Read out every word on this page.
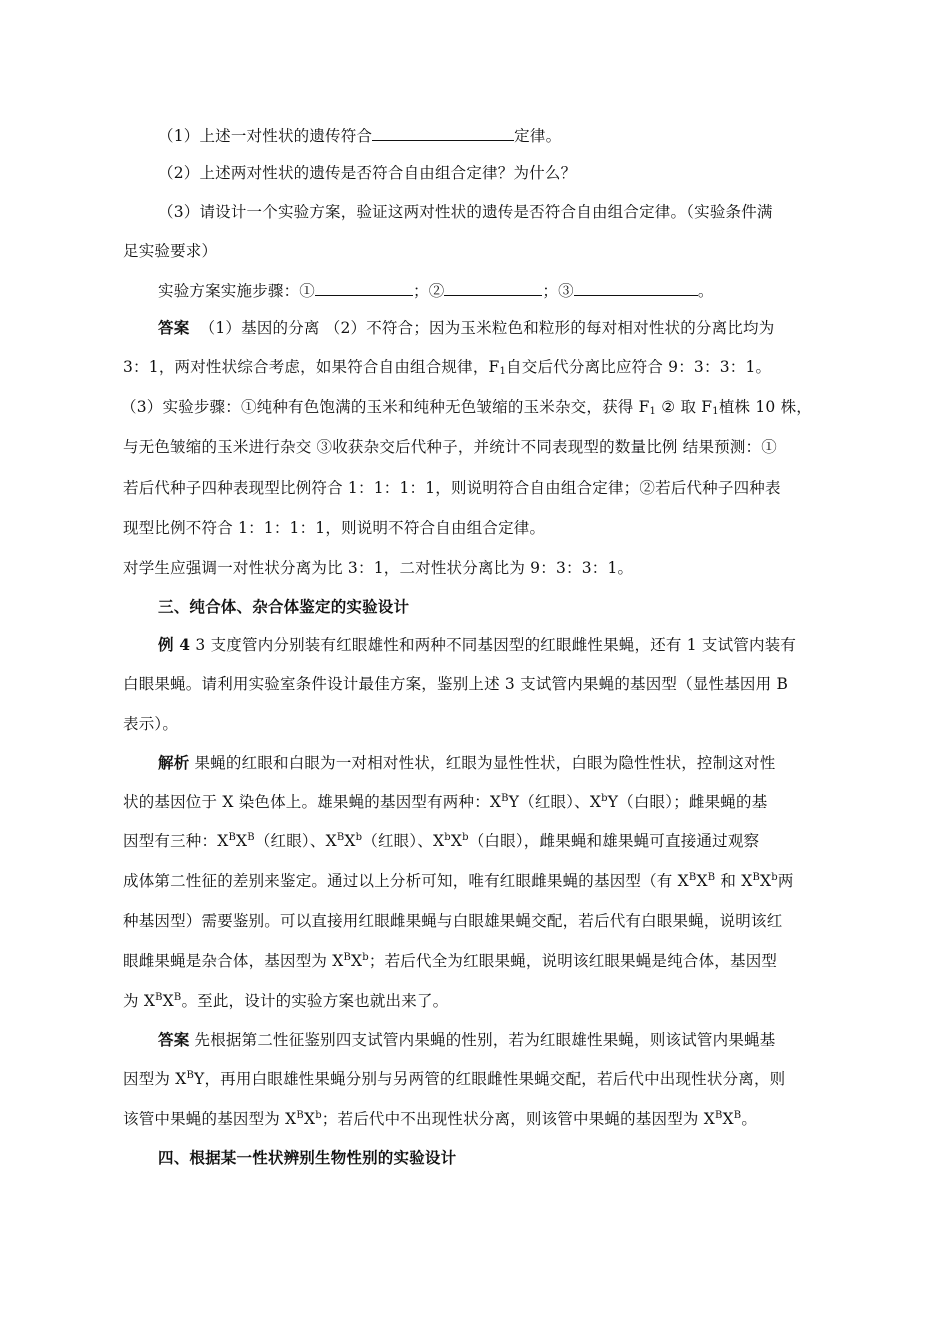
（1）上述一对性状的遗传符合	定律。
（2）上述两对性状的遗传是否符合自由组合定律？为什么？
（3）请设计一个实验方案，验证这两对性状的遗传是否符合自由组合定律。（实验条件满
足实验要求）
实验方案实施步骤：①	；②	；③	。
答案 （1）基因的分离 （2）不符合；因为玉米粒色和粒形的每对相对性状的分离比均为
3：1，两对性状综合考虑，如果符合自由组合规律，$F_1$自交后代分离比应符合 9：3：3：1。
（3）实验步骤：①纯种有色饱满的玉米和纯种无色皱缩的玉米杂交，获得 $F_1$ ② 取 $F_1$植株 10 株，
与无色皱缩的玉米进行杂交 ③收获杂交后代种子，并统计不同表现型的数量比例 结果预测：①
若后代种子四种表现型比例符合 1：1：1：1，则说明符合自由组合定律；②若后代种子四种表
现型比例不符合 1：1：1：1，则说明不符合自由组合定律。
对学生应强调一对性状分离为比 3：1，二对性状分离比为 9：3：3：1。
三、纯合体、杂合体鉴定的实验设计
例 4 3 支度管内分别装有红眼雄性和两种不同基因型的红眼雌性果蝇，还有 1 支试管内装有
白眼果蝇。请利用实验室条件设计最佳方案，鉴别上述 3 支试管内果蝇的基因型（显性基因用 B
表示）。
解析 果蝇的红眼和白眼为一对相对性状，红眼为显性性状，白眼为隐性性状，控制这对性
状的基因位于 X 染色体上。雄果蝇的基因型有两种：$X^BY$（红眼）、$X^bY$（白眼）；雌果蝇的基
因型有三种：$X^BX^B$（红眼）、$X^BX^b$（红眼）、$X^bX^b$（白眼），雌果蝇和雄果蝇可直接通过观察
成体第二性征的差别来鉴定。通过以上分析可知，唯有红眼雌果蝇的基因型（有 $X^BX^B$ 和 $X^BX^b$两
种基因型）需要鉴别。可以直接用红眼雌果蝇与白眼雄果蝇交配，若后代有白眼果蝇，说明该红
眼雌果蝇是杂合体，基因型为 $X^BX^b$；若后代全为红眼果蝇，说明该红眼果蝇是纯合体，基因型
为 $X^BX^B$。至此，设计的实验方案也就出来了。
答案 先根据第二性征鉴别四支试管内果蝇的性别，若为红眼雄性果蝇，则该试管内果蝇基
因型为 $X^BY$，再用白眼雄性果蝇分别与另两管的红眼雌性果蝇交配，若后代中出现性状分离，则
该管中果蝇的基因型为 $X^BX^b$；若后代中不出现性状分离，则该管中果蝇的基因型为 $X^BX^B$。
四、根据某一性状辨别生物性别的实验设计
